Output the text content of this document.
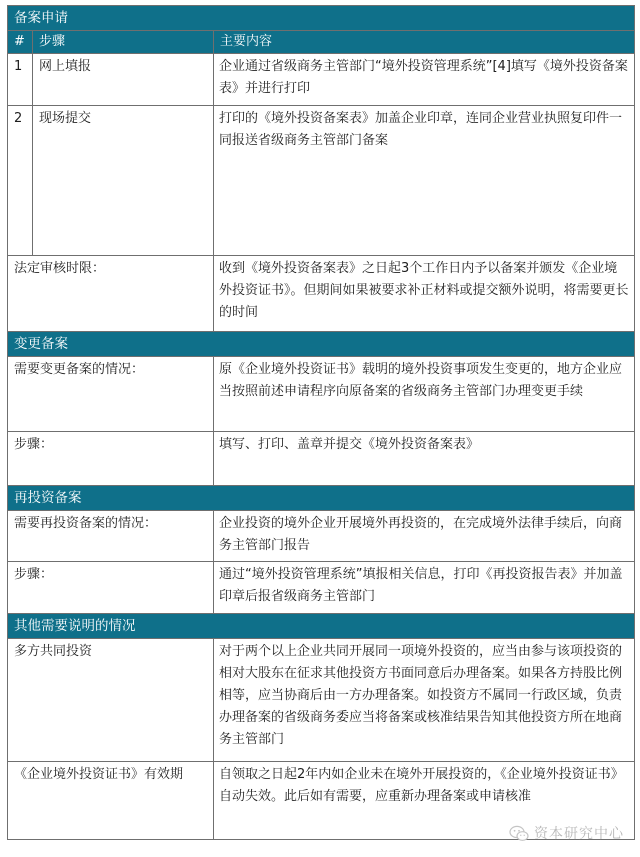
备案申请		
#	步骤	主要内容
1	网上填报	企业通过省级商务主管部门“境外投资管理系统”[4]填写《境外投资备案表》并进行打印
2	现场提交	打印的《境外投资备案表》加盖企业印章，连同企业营业执照复印件一同报送省级商务主管部门备案
法定审核时限：		收到《境外投资备案表》之日起3个工作日内予以备案并颁发《企业境外投资证书》。但期间如果被要求补正材料或提交额外说明，将需要更长的时间
变更备案		
需要变更备案的情况：		原《企业境外投资证书》载明的境外投资事项发生变更的，地方企业应当按照前述申请程序向原备案的省级商务主管部门办理变更手续
步骤：		填写、打印、盖章并提交《境外投资备案表》
再投资备案		
需要再投资备案的情况：		企业投资的境外企业开展境外再投资的，在完成境外法律手续后，向商务主管部门报告
步骤：		通过“境外投资管理系统”填报相关信息，打印《再投资报告表》并加盖印章后报省级商务主管部门
其他需要说明的情况		
多方共同投资		对于两个以上企业共同开展同一项境外投资的，应当由参与该项投资的相对大股东在征求其他投资方书面同意后办理备案。如果各方持股比例相等，应当协商后由一方办理备案。如投资方不属同一行政区域，负责办理备案的省级商务委应当将备案或核准结果告知其他投资方所在地商务主管部门
《企业境外投资证书》有效期		自领取之日起2年内如企业未在境外开展投资的，《企业境外投资证书》自动失效。此后如有需要，应重新办理备案或申请核准
资本研究中心
